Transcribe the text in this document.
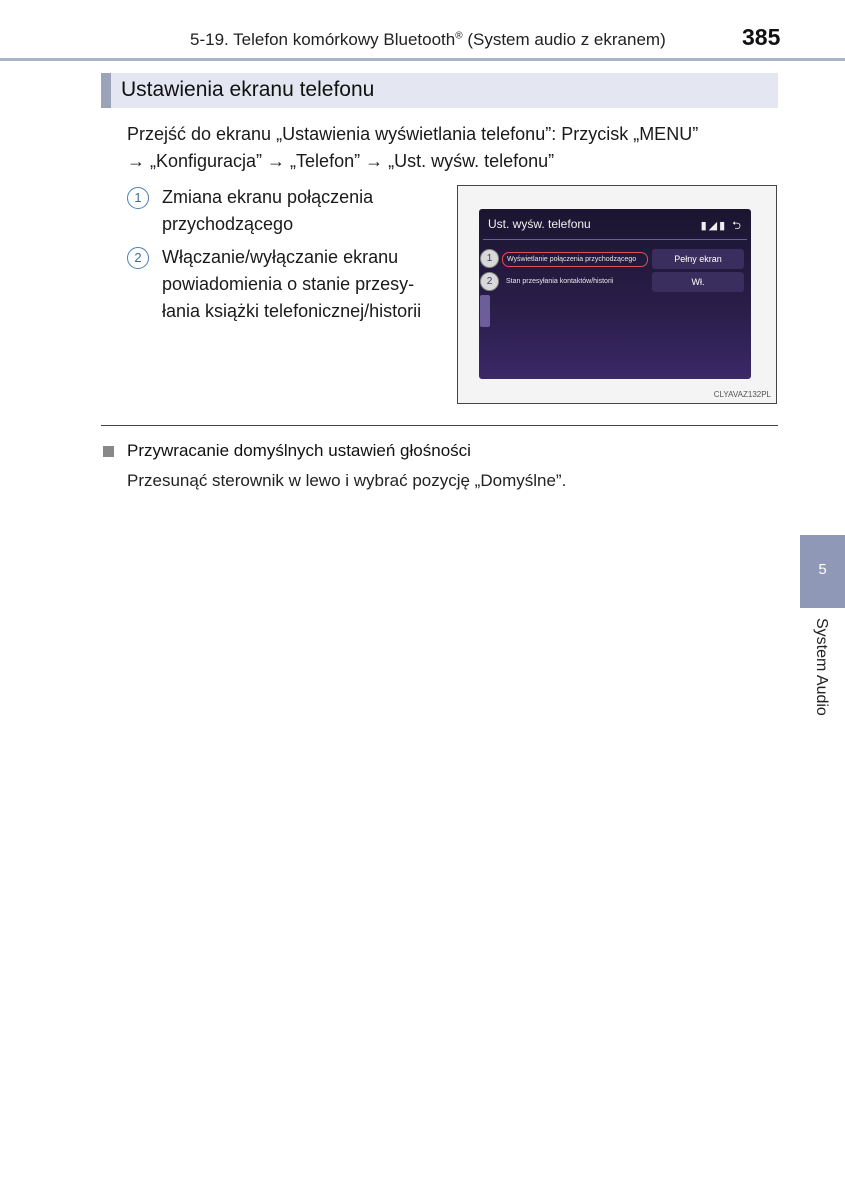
5-19. Telefon komórkowy Bluetooth® (System audio z ekranem)	385
Ustawienia ekranu telefonu
Przejść do ekranu „Ustawienia wyświetlania telefonu”: Przycisk „MENU”
→ „Konfiguracja” → „Telefon” → „Ust. wyśw. telefonu”
1	Zmiana ekranu połączenia
przychodzącego
2	Włączanie/wyłączanie ekranu
powiadomienia o stanie przesy-
łania książki telefonicznej/historii
Ust. wyśw. telefonu	▮◢▮ ⮌
Wyświetlanie połączenia przychodzącego	Pełny ekran
Stan przesyłania kontaktów/historii	Wł.
1
2
CLYAVAZ132PL
Przywracanie domyślnych ustawień głośności
Przesunąć sterownik w lewo i wybrać pozycję „Domyślne”.
5
System Audio
